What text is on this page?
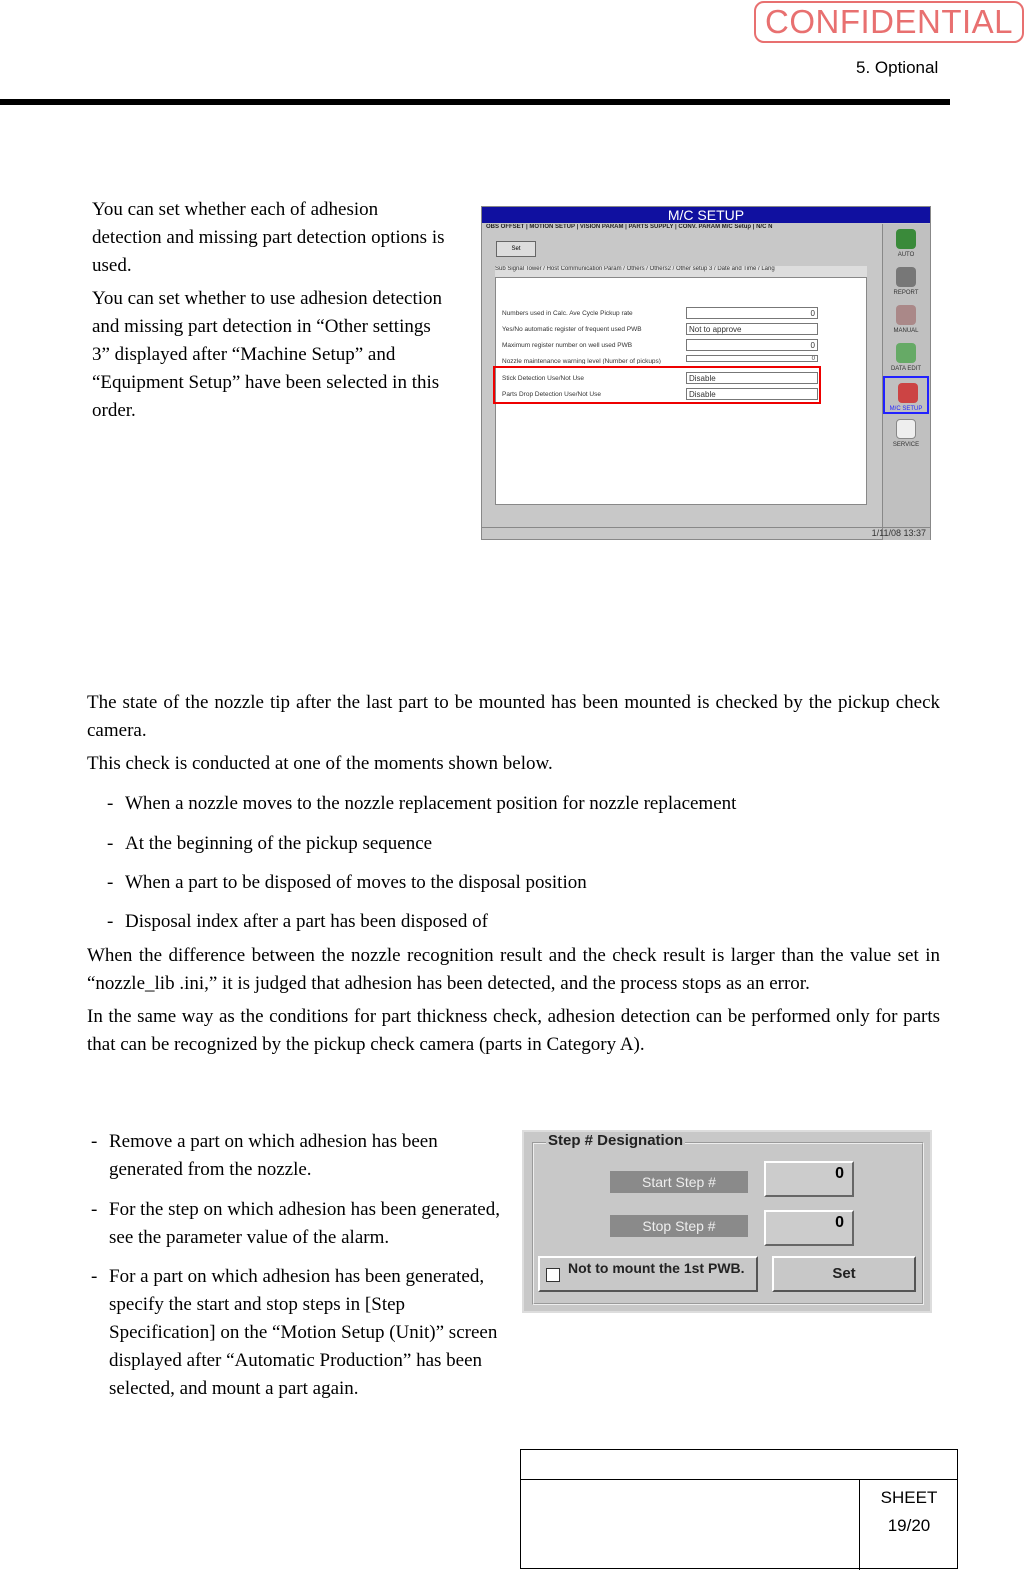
CONFIDENTIAL
5. Optional
You can set whether each of adhesion detection and missing part detection options is used.
You can set whether to use adhesion detection and missing part detection in “Other settings 3” displayed after “Machine Setup” and “Equipment Setup” have been selected in this order.
M/C SETUP
OBS OFFSET | MOTION SETUP | VISION PARAM | PARTS SUPPLY | CONV. PARAM M/C Setup | N/C N
Set
Sub Signal Tower / Host Communication Param / Others / Others2 / Other setup 3 / Date and Time / Lang
Numbers used in Calc. Ave Cycle Pickup rate	0
Yes/No automatic register of frequent used PWB	Not to approve
Maximum register number on well used PWB	0
Nozzle maintenance warning level (Number of pickups)	0
Stick Detection Use/Not Use	Disable
Parts Drop Detection Use/Not Use	Disable
AUTO
REPORT
MANUAL
DATA EDIT
M/C SETUP
SERVICE
1/11/08 13:37
The state of the nozzle tip after the last part to be mounted has been mounted is checked by the pickup check camera.
This check is conducted at one of the moments shown below.
- When a nozzle moves to the nozzle replacement position for nozzle replacement
- At the beginning of the pickup sequence
- When a part to be disposed of moves to the disposal position
- Disposal index after a part has been disposed of
When the difference between the nozzle recognition result and the check result is larger than the value set in “nozzle_lib .ini,” it is judged that adhesion has been detected, and the process stops as an error.
In the same way as the conditions for part thickness check, adhesion detection can be performed only for parts that can be recognized by the pickup check camera (parts in Category A).
- Remove a part on which adhesion has been generated from the nozzle.
- For the step on which adhesion has been generated, see the parameter value of the alarm.
- For a part on which adhesion has been generated, specify the start and stop steps in [Step Specification] on the “Motion Setup (Unit)” screen displayed after “Automatic Production” has been selected, and mount a part again.
Step # Designation
Start Step #	0
Stop Step #	0
Not to mount the 1st PWB.	Set
SHEET
19/20
